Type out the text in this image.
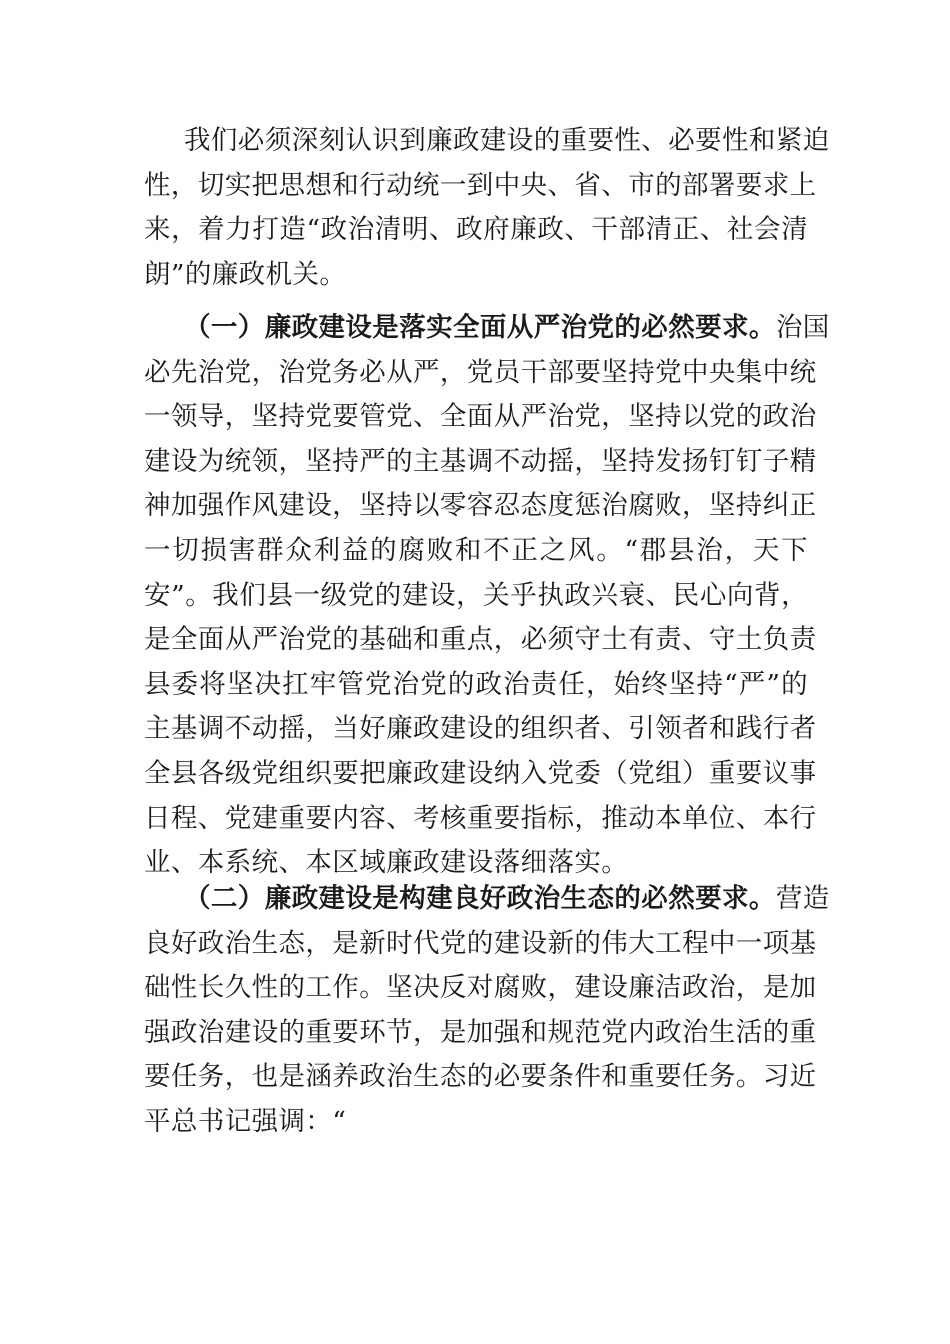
我们必须深刻认识到廉政建设的重要性、必要性和紧迫
性，切实把思想和行动统一到中央、省、市的部署要求上
来，着力打造“政治清明、政府廉政、干部清正、社会清
朗”的廉政机关。
（一）廉政建设是落实全面从严治党的必然要求。治国
必先治党，治党务必从严，党员干部要坚持党中央集中统
一领导，坚持党要管党、全面从严治党，坚持以党的政治
建设为统领，坚持严的主基调不动摇，坚持发扬钉钉子精
神加强作风建设，坚持以零容忍态度惩治腐败，坚持纠正
一切损害群众利益的腐败和不正之风。“郡县治，天下
安”。我们县一级党的建设，关乎执政兴衰、民心向背，
是全面从严治党的基础和重点，必须守土有责、守土负责
县委将坚决扛牢管党治党的政治责任，始终坚持“严”的
主基调不动摇，当好廉政建设的组织者、引领者和践行者
全县各级党组织要把廉政建设纳入党委（党组）重要议事
日程、党建重要内容、考核重要指标，推动本单位、本行
业、本系统、本区域廉政建设落细落实。
（二）廉政建设是构建良好政治生态的必然要求。营造
良好政治生态，是新时代党的建设新的伟大工程中一项基
础性长久性的工作。坚决反对腐败，建设廉洁政治，是加
强政治建设的重要环节，是加强和规范党内政治生活的重
要任务，也是涵养政治生态的必要条件和重要任务。习近
平总书记强调：“
